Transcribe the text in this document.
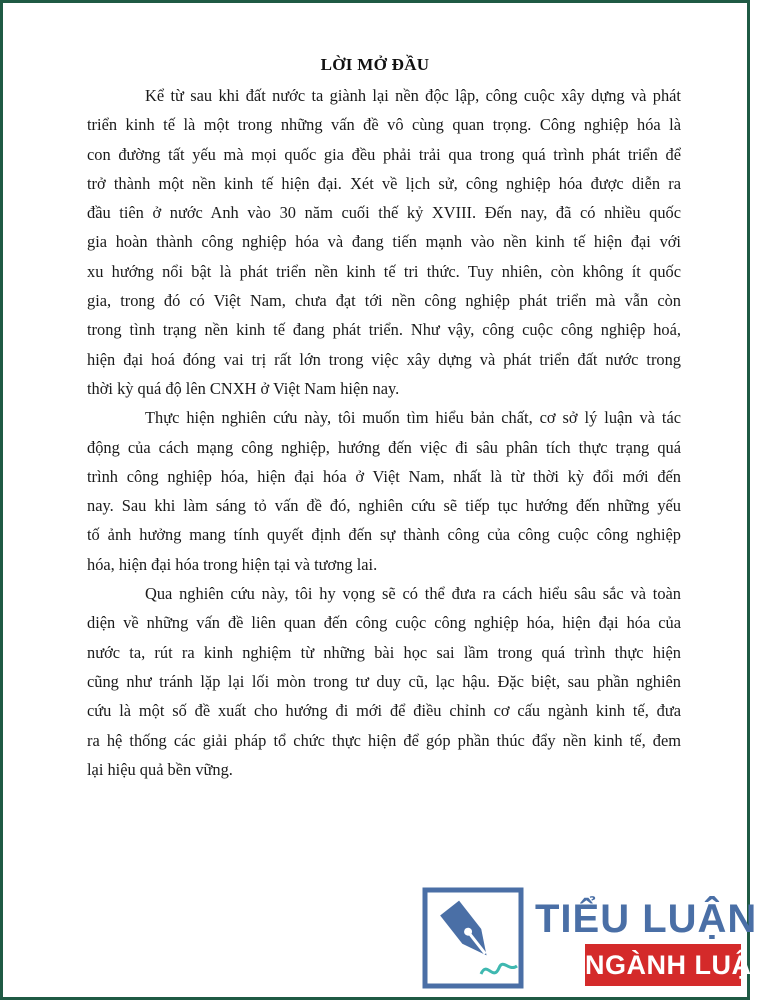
LỜI MỞ ĐẦU
Kể từ sau khi đất nước ta giành lại nền độc lập, công cuộc xây dựng và phát
triển kinh tế là một trong những vấn đề vô cùng quan trọng. Công nghiệp hóa là
con đường tất yếu mà mọi quốc gia đều phải trải qua trong quá trình phát triển để
trở thành một nền kinh tế hiện đại. Xét về lịch sử, công nghiệp hóa được diễn ra
đầu tiên ở nước Anh vào 30 năm cuối thế kỷ XVIII. Đến nay, đã có nhiều quốc
gia hoàn thành công nghiệp hóa và đang tiến mạnh vào nền kinh tế hiện đại với
xu hướng nổi bật là phát triển nền kinh tế tri thức. Tuy nhiên, còn không ít quốc
gia, trong đó có Việt Nam, chưa đạt tới nền công nghiệp phát triển mà vẫn còn
trong tình trạng nền kinh tế đang phát triển. Như vậy, công cuộc công nghiệp hoá,
hiện đại hoá đóng vai trị rất lớn trong việc xây dựng và phát triển đất nước trong
thời kỳ quá độ lên CNXH ở Việt Nam hiện nay.
Thực hiện nghiên cứu này, tôi muốn tìm hiểu bản chất, cơ sở lý luận và tác
động của cách mạng công nghiệp, hướng đến việc đi sâu phân tích thực trạng quá
trình công nghiệp hóa, hiện đại hóa ở Việt Nam, nhất là từ thời kỳ đổi mới đến
nay. Sau khi làm sáng tỏ vấn đề đó, nghiên cứu sẽ tiếp tục hướng đến những yếu
tố ảnh hưởng mang tính quyết định đến sự thành công của công cuộc công nghiệp
hóa, hiện đại hóa trong hiện tại và tương lai.
Qua nghiên cứu này, tôi hy vọng sẽ có thể đưa ra cách hiểu sâu sắc và toàn
diện về những vấn đề liên quan đến công cuộc công nghiệp hóa, hiện đại hóa của
nước ta, rút ra kinh nghiệm từ những bài học sai lầm trong quá trình thực hiện
cũng như tránh lặp lại lối mòn trong tư duy cũ, lạc hậu. Đặc biệt, sau phần nghiên
cứu là một số đề xuất cho hướng đi mới để điều chỉnh cơ cấu ngành kinh tế, đưa
ra hệ thống các giải pháp tổ chức thực hiện để góp phần thúc đẩy nền kinh tế, đem
lại hiệu quả bền vững.
TIỂU LUẬN
NGÀNH LUẬT
